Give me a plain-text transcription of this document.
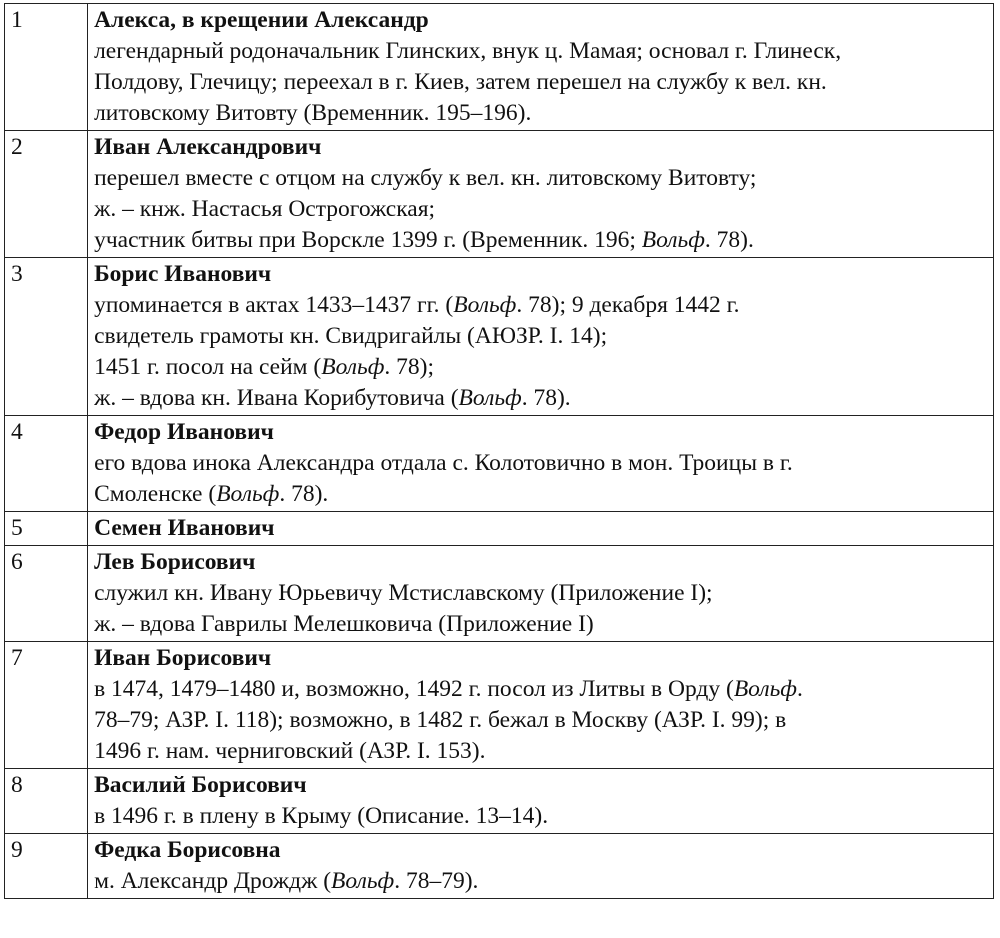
1	Алекса, в крещении Александр
легендарный родоначальник Глинских, внук ц. Мамая; основал г. Глинеск,
Полдову, Глечицу; переехал в г. Киев, затем перешел на службу к вел. кн.
литовскому Витовту (Временник. 195–196).

2	Иван Александрович
перешел вместе с отцом на службу к вел. кн. литовскому Витовту;
ж. – кнж. Настасья Острогожская;
участник битвы при Ворскле 1399 г. (Временник. 196; Вольф. 78).

3	Борис Иванович
упоминается в актах 1433–1437 гг. (Вольф. 78); 9 декабря 1442 г.
свидетель грамоты кн. Свидригайлы (АЮЗР. I. 14);
1451 г. посол на сейм (Вольф. 78);
ж. – вдова кн. Ивана Корибутовича (Вольф. 78).

4	Федор Иванович
его вдова инока Александра отдала с. Колотовично в мон. Троицы в г.
Смоленске (Вольф. 78).

5	Семен Иванович

6	Лев Борисович
служил кн. Ивану Юрьевичу Мстиславскому (Приложение I);
ж. – вдова Гаврилы Мелешковича (Приложение I)

7	Иван Борисович
в 1474, 1479–1480 и, возможно, 1492 г. посол из Литвы в Орду (Вольф.
78–79; АЗР. I. 118); возможно, в 1482 г. бежал в Москву (АЗР. I. 99); в
1496 г. нам. черниговский (АЗР. I. 153).

8	Василий Борисович
в 1496 г. в плену в Крыму (Описание. 13–14).

9	Федка Борисовна
м. Александр Дрождж (Вольф. 78–79).
